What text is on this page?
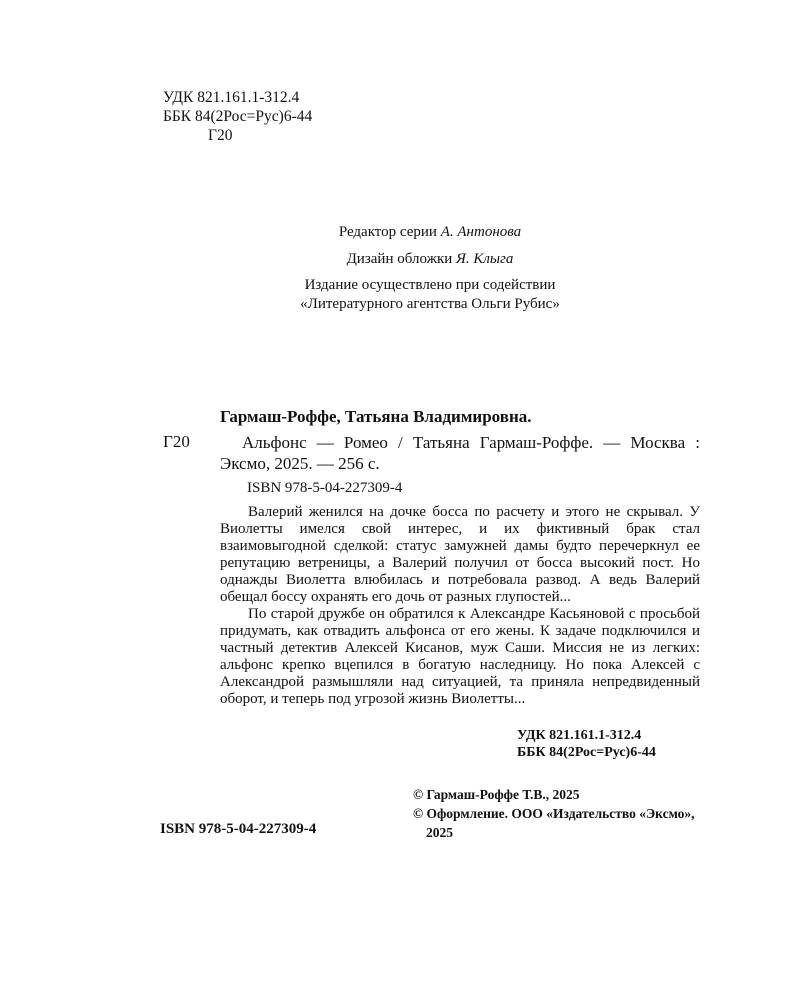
УДК 821.161.1-312.4
ББК 84(2Рос=Рус)6-44
Г20
Редактор серии А. Антонова
Дизайн обложки Я. Клыга
Издание осуществлено при содействии
«Литературного агентства Ольги Рубис»
Гармаш-Роффе, Татьяна Владимировна.
Г20	Альфонс — Ромео / Татьяна Гармаш-Роффе. — Москва : Эксмо, 2025. — 256 с.
ISBN 978-5-04-227309-4

Валерий женился на дочке босса по расчету и этого не скрывал. У Виолетты имелся свой интерес, и их фиктивный брак стал взаимовыгодной сделкой: статус замужней дамы будто перечеркнул ее репутацию ветреницы, а Валерий получил от босса высокий пост. Но однажды Виолетта влюбилась и потребовала развод. А ведь Валерий обещал боссу охранять его дочь от разных глупостей...

По старой дружбе он обратился к Александре Касьяновой с просьбой придумать, как отвадить альфонса от его жены. К задаче подключился и частный детектив Алексей Кисанов, муж Саши. Миссия не из легких: альфонс крепко вцепился в богатую наследницу. Но пока Алексей с Александрой размышляли над ситуацией, та приняла непредвиденный оборот, и теперь под угрозой жизнь Виолетты...

УДК 821.161.1-312.4
ББК 84(2Рос=Рус)6-44
© Гармаш-Роффе Т.В., 2025
© Оформление. ООО «Издательство «Эксмо», 2025
ISBN 978-5-04-227309-4
